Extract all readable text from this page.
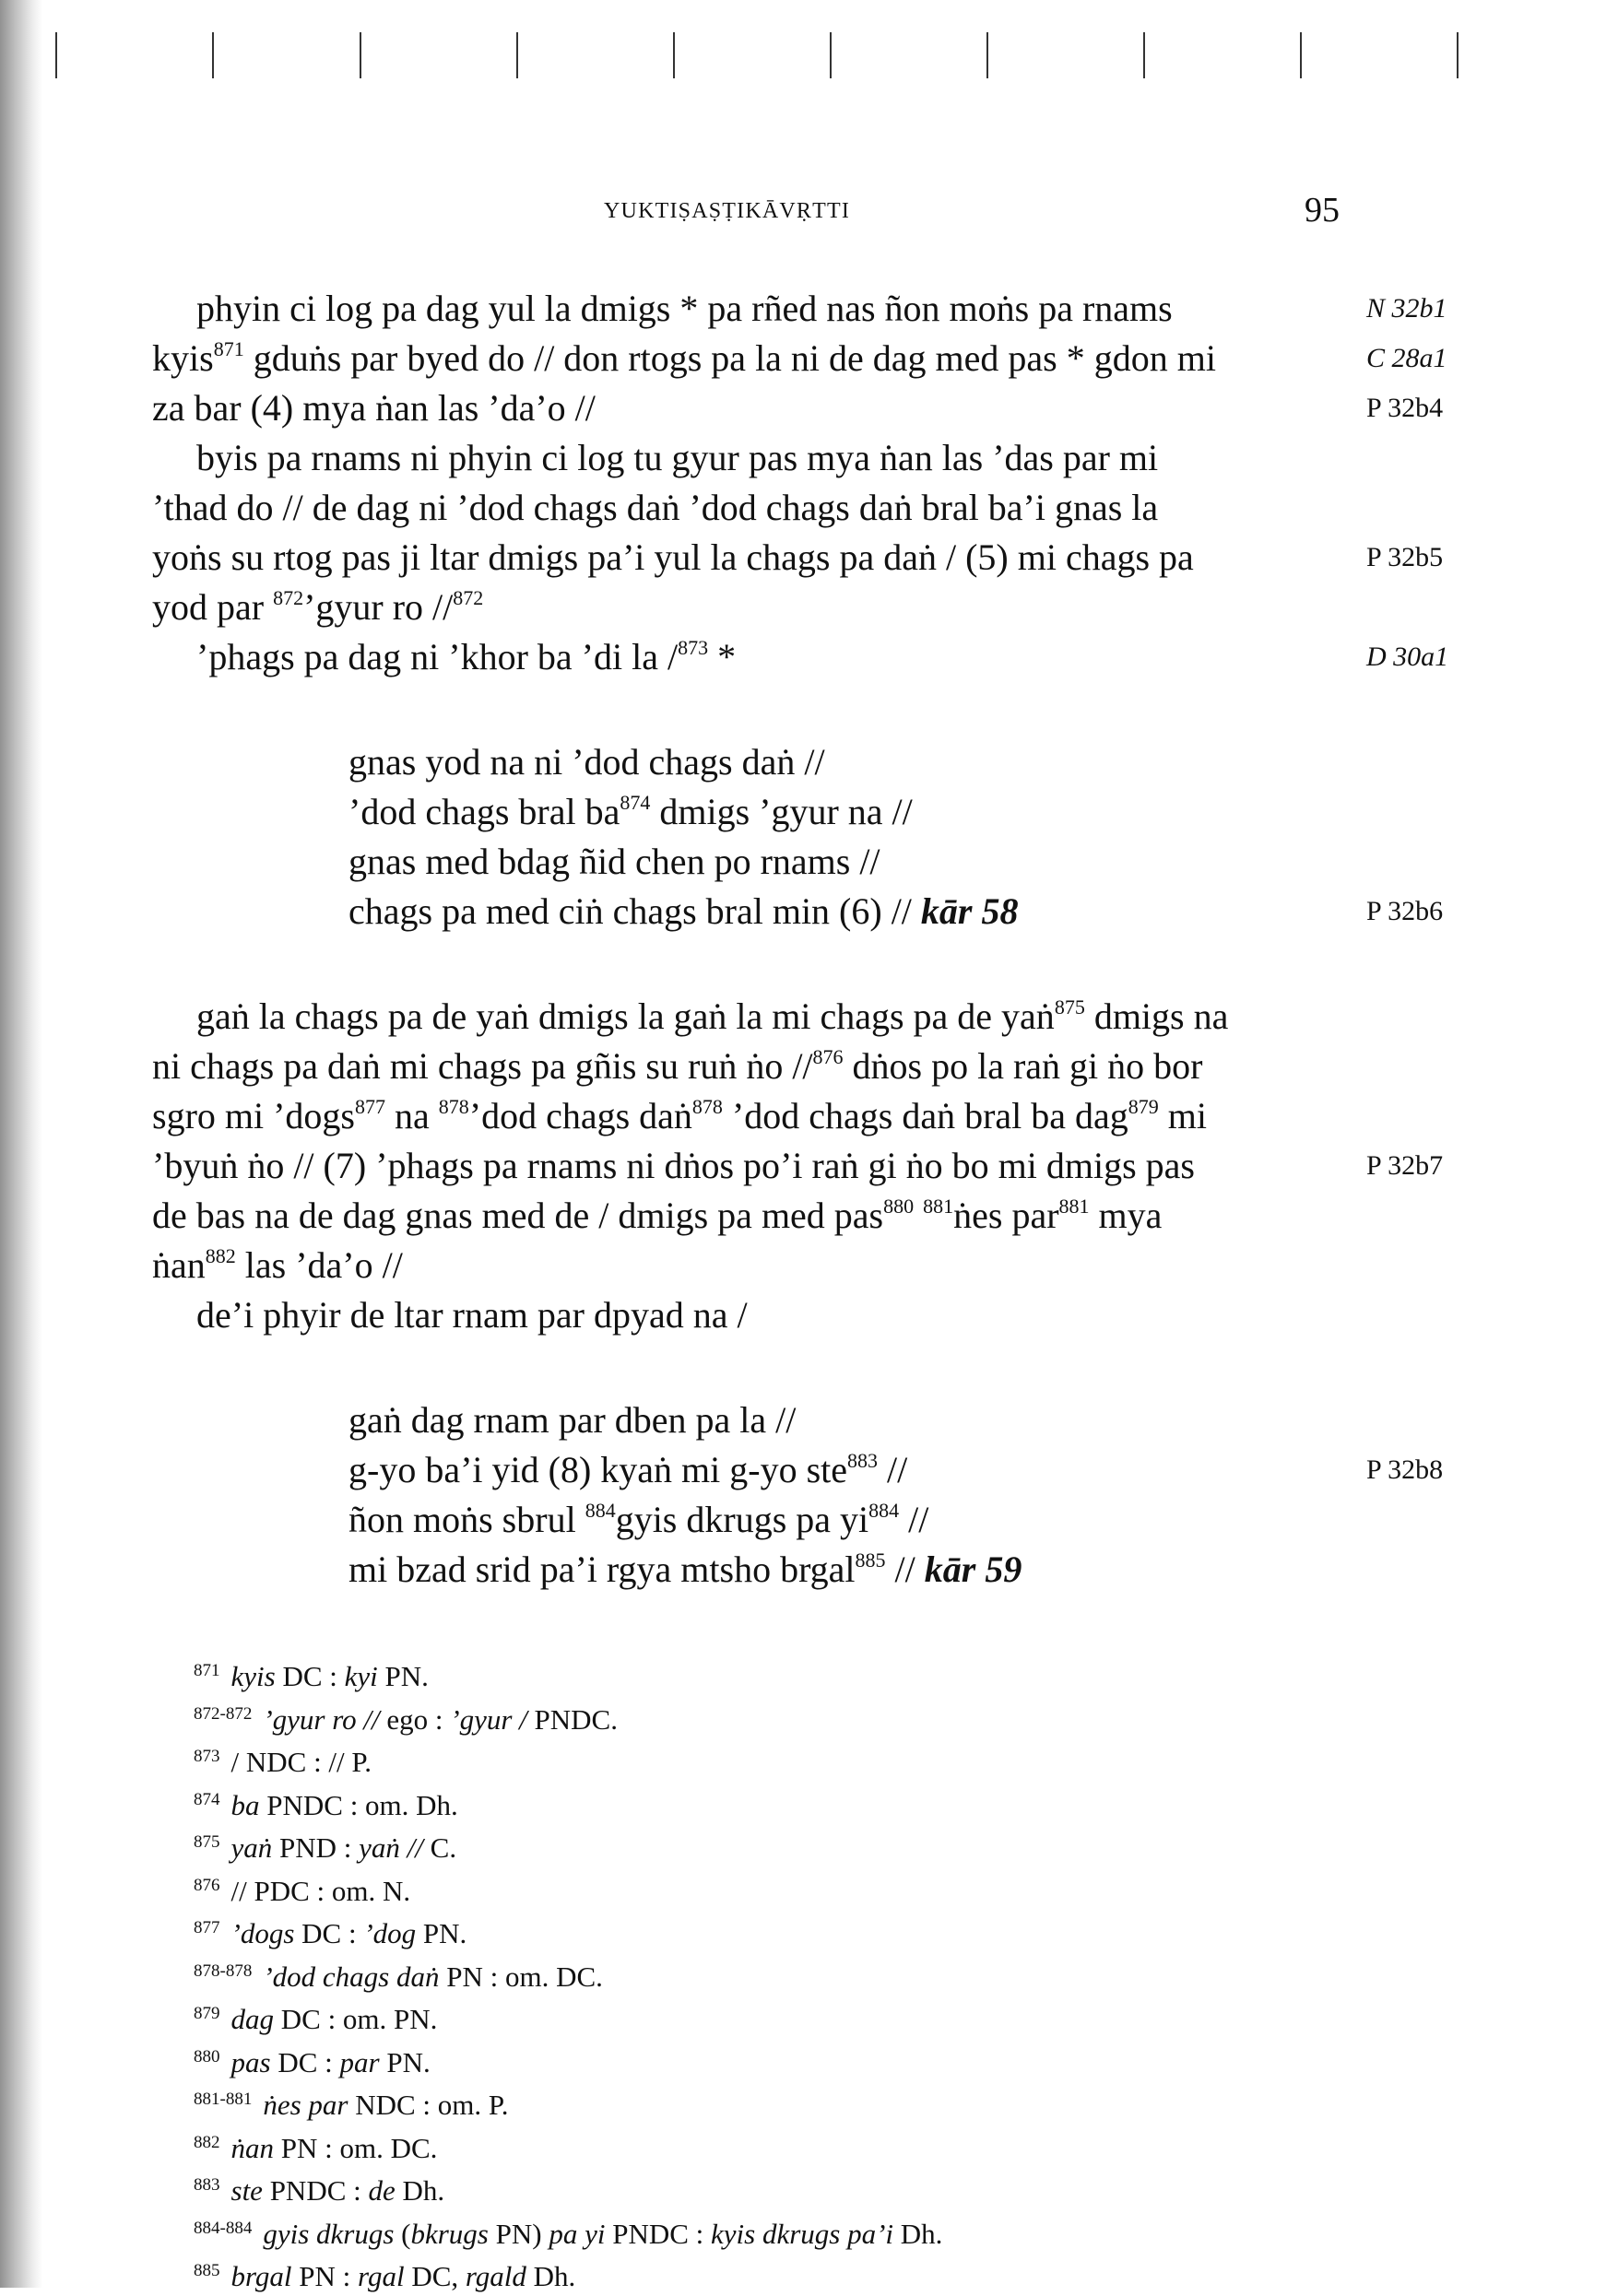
YUKTIṢAṢṬIKĀVṚTTI	95
phyin ci log pa dag yul la dmigs * pa rñed nas ñon moṅs pa rnams
kyis$^{871}$ gduṅs par byed do // don rtogs pa la ni de dag med pas * gdon mi
za bar (4) mya ṅan las ’da’o //
byis pa rnams ni phyin ci log tu gyur pas mya ṅan las ’das par mi
’thad do // de dag ni ’dod chags daṅ ’dod chags daṅ bral ba’i gnas la
yoṅs su rtog pas ji ltar dmigs pa’i yul la chags pa daṅ / (5) mi chags pa
yod par $^{872}$’gyur ro //$^{872}$
’phags pa dag ni ’khor ba ’di la /$^{873}$ *
gnas yod na ni ’dod chags daṅ //
’dod chags bral $ba^{874}$ dmigs ’gyur na //
gnas med bdag ñid chen po rnams //
chags pa med ciṅ chags bral min (6) // kār 58
gaṅ la chags pa de yaṅ dmigs la gaṅ la mi chags pa de yaṅ$^{875}$ dmigs na
ni chags pa daṅ mi chags pa gñis su ruṅ ṅo //$^{876}$ dṅos po la raṅ gi ṅo bor
sgro mi ’dogs$^{877}$ na $^{878}$’dod chags daṅ$^{878}$ ’dod chags daṅ bral ba dag$^{879}$ mi
’byuṅ ṅo // (7) ’phags pa rnams ni dṅos po’i raṅ gi ṅo bo mi dmigs pas
de bas na de dag gnas med de / dmigs pa med pas$^{880}$ $^{881}$ṅes par$^{881}$ mya
ṅan$^{882}$ las ’da’o //
de’i phyir de ltar rnam par dpyad na /
gaṅ dag rnam par dben pa la //
g-yo ba’i yid (8) kyaṅ mi g-yo ste$^{883}$ //
ñon moṅs sbrul $^{884}$gyis dkrugs pa $yi^{884}$ //
mi bzad srid pa’i rgya mtsho brgal$^{885}$ // kār 59
N 32b1
C 28a1
P 32b4
P 32b5
D 30a1
P 32b6
P 32b7
P 32b8
$^{871}$ kyis DC : kyi PN.
$^{872-872}$ ’gyur ro // ego : ’gyur / PNDC.
$^{873}$ / NDC : // P.
$^{874}$ ba PNDC : om. Dh.
$^{875}$ yaṅ PND : yaṅ // C.
$^{876}$ // PDC : om. N.
$^{877}$ ’dogs DC : ’dog PN.
$^{878-878}$ ’dod chags daṅ PN : om. DC.
$^{879}$ dag DC : om. PN.
$^{880}$ pas DC : par PN.
$^{881-881}$ ṅes par NDC : om. P.
$^{882}$ ṅan PN : om. DC.
$^{883}$ ste PNDC : de Dh.
$^{884-884}$ gyis dkrugs (bkrugs PN) pa yi PNDC : kyis dkrugs pa’i Dh.
$^{885}$ brgal PN : rgal DC, rgald Dh.
